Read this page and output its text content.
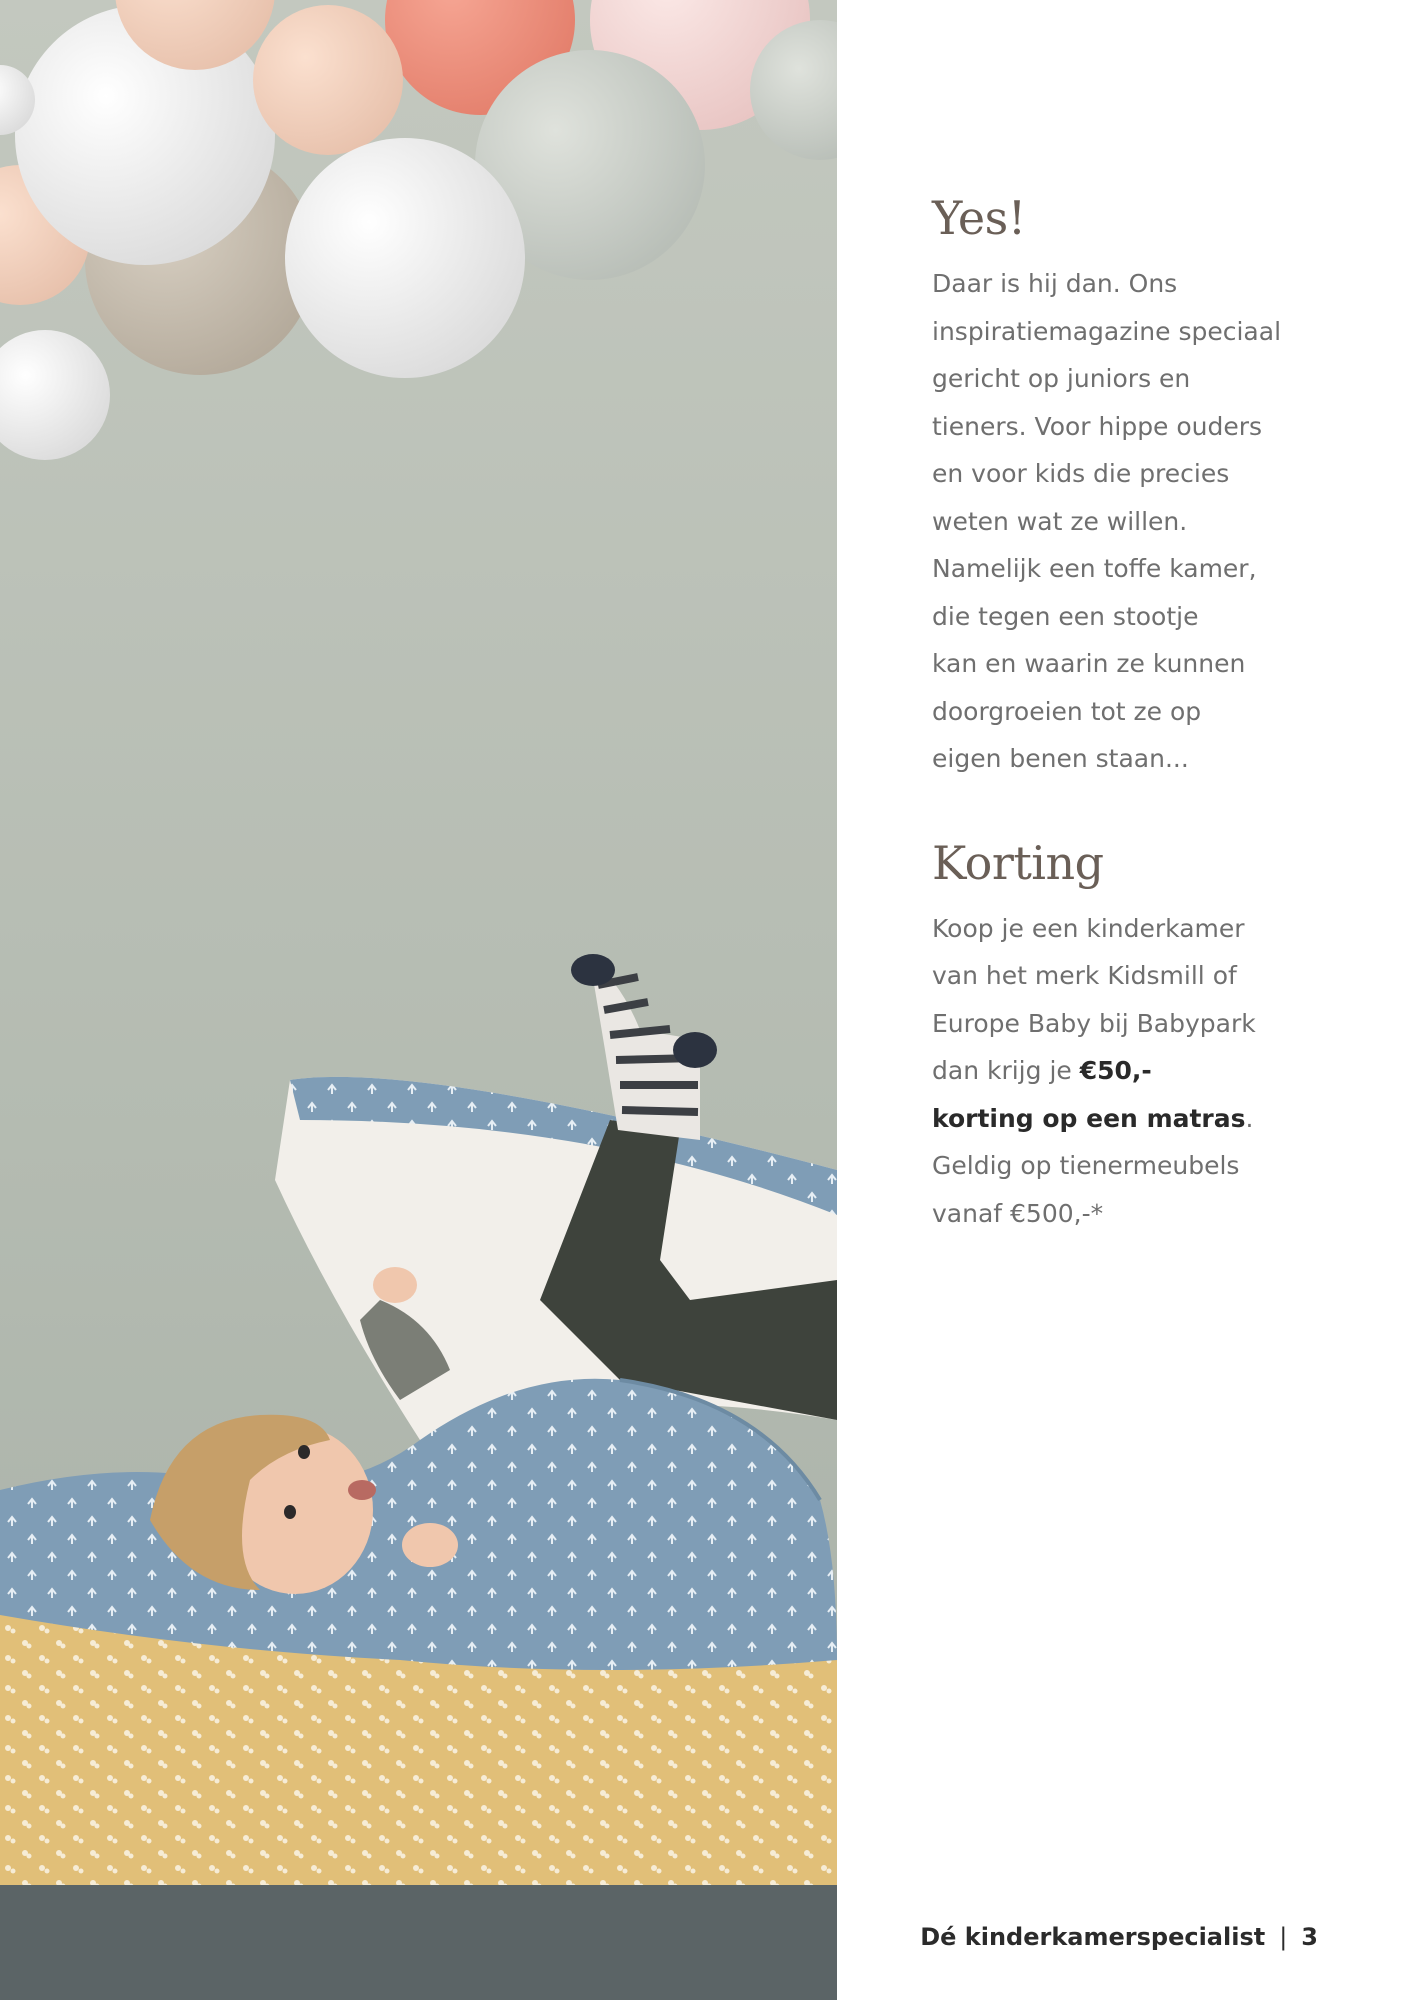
Yes!

Daar is hij dan. Ons

inspiratiemagazine speciaal

gericht op juniors en

tieners. Voor hippe ouders

en voor kids die precies

weten wat ze willen.

Namelijk een toffe kamer,

die tegen een stootje

kan en waarin ze kunnen

doorgroeien tot ze op

eigen benen staan...

Korting

Koop je een kinderkamer

van het merk Kidsmill of

Europe Baby bij Babypark

dan krijg je €50,-

korting op een matras.

Geldig op tienermeubels

vanaf €500,-*

Dé kinderkamerspecialist | 3
